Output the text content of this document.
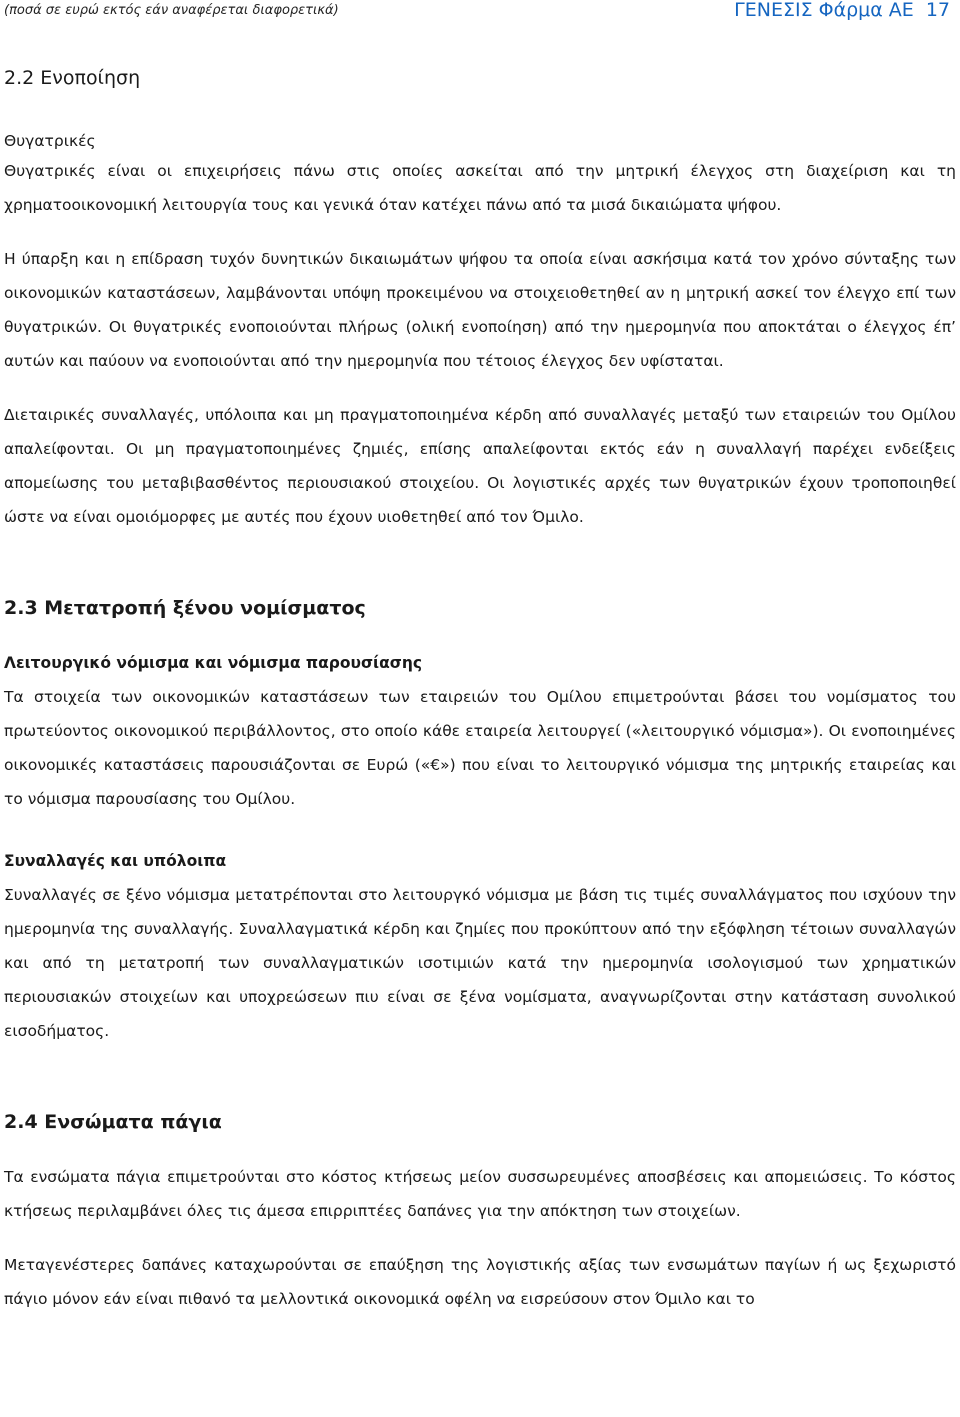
(ποσά σε ευρώ εκτός εάν αναφέρεται διαφορετικά)	ΓΕΝΕΣΙΣ Φάρμα ΑΕ 17
2.2 Ενοποίηση
Θυγατρικές

Θυγατρικές είναι οι επιχειρήσεις πάνω στις οποίες ασκείται από την μητρική έλεγχος στη διαχείριση και τη χρηματοοικονομική λειτουργία τους και γενικά όταν κατέχει πάνω από τα μισά δικαιώματα ψήφου.

Η ύπαρξη και η επίδραση τυχόν δυνητικών δικαιωμάτων ψήφου τα οποία είναι ασκήσιμα κατά τον χρόνο σύνταξης των οικονομικών καταστάσεων, λαμβάνονται υπόψη προκειμένου να στοιχειοθετηθεί αν η μητρική ασκεί τον έλεγχο επί των θυγατρικών. Οι θυγατρικές ενοποιούνται πλήρως (ολική ενοποίηση) από την ημερομηνία που αποκτάται ο έλεγχος έπ’ αυτών και παύουν να ενοποιούνται από την ημερομηνία που τέτοιος έλεγχος δεν υφίσταται.

Διεταιρικές συναλλαγές, υπόλοιπα και μη πραγματοποιημένα κέρδη από συναλλαγές μεταξύ των εταιρειών του Ομίλου απαλείφονται. Οι μη πραγματοποιημένες ζημιές, επίσης απαλείφονται εκτός εάν η συναλλαγή παρέχει ενδείξεις απομείωσης του μεταβιβασθέντος περιουσιακού στοιχείου. Οι λογιστικές αρχές των θυγατρικών έχουν τροποποιηθεί ώστε να είναι ομοιόμορφες με αυτές που έχουν υιοθετηθεί από τον Όμιλο.

2.3 Μετατροπή ξένου νομίσματος
Λειτουργικό νόμισμα και νόμισμα παρουσίασης

Τα στοιχεία των οικονομικών καταστάσεων των εταιρειών του Ομίλου επιμετρούνται βάσει του νομίσματος του πρωτεύοντος οικονομικού περιβάλλοντος, στο οποίο κάθε εταιρεία λειτουργεί («λειτουργικό νόμισμα»). Οι ενοποιημένες οικονομικές καταστάσεις παρουσιάζονται σε Ευρώ («€») που είναι το λειτουργικό νόμισμα της μητρικής εταιρείας και το νόμισμα παρουσίασης του Ομίλου.

Συναλλαγές και υπόλοιπα

Συναλλαγές σε ξένο νόμισμα μετατρέπονται στο λειτουργκό νόμισμα με βάση τις τιμές συναλλάγματος που ισχύουν την ημερομηνία της συναλλαγής. Συναλλαγματικά κέρδη και ζημίες που προκύπτουν από την εξόφληση τέτοιων συναλλαγών και από τη μετατροπή των συναλλαγματικών ισοτιμιών κατά την ημερομηνία ισολογισμού των χρηματικών περιουσιακών στοιχείων και υποχρεώσεων πιυ είναι σε ξένα νομίσματα, αναγνωρίζονται στην κατάσταση συνολικού εισοδήματος.

2.4 Ενσώματα πάγια

Τα ενσώματα πάγια επιμετρούνται στο κόστος κτήσεως μείον συσσωρευμένες αποσβέσεις και απομειώσεις. Το κόστος κτήσεως περιλαμβάνει όλες τις άμεσα επιρριπτέες δαπάνες για την απόκτηση των στοιχείων.

Μεταγενέστερες δαπάνες καταχωρούνται σε επαύξηση της λογιστικής αξίας των ενσωμάτων παγίων ή ως ξεχωριστό πάγιο μόνον εάν είναι πιθανό τα μελλοντικά οικονομικά οφέλη να εισρεύσουν στον Όμιλο και το
